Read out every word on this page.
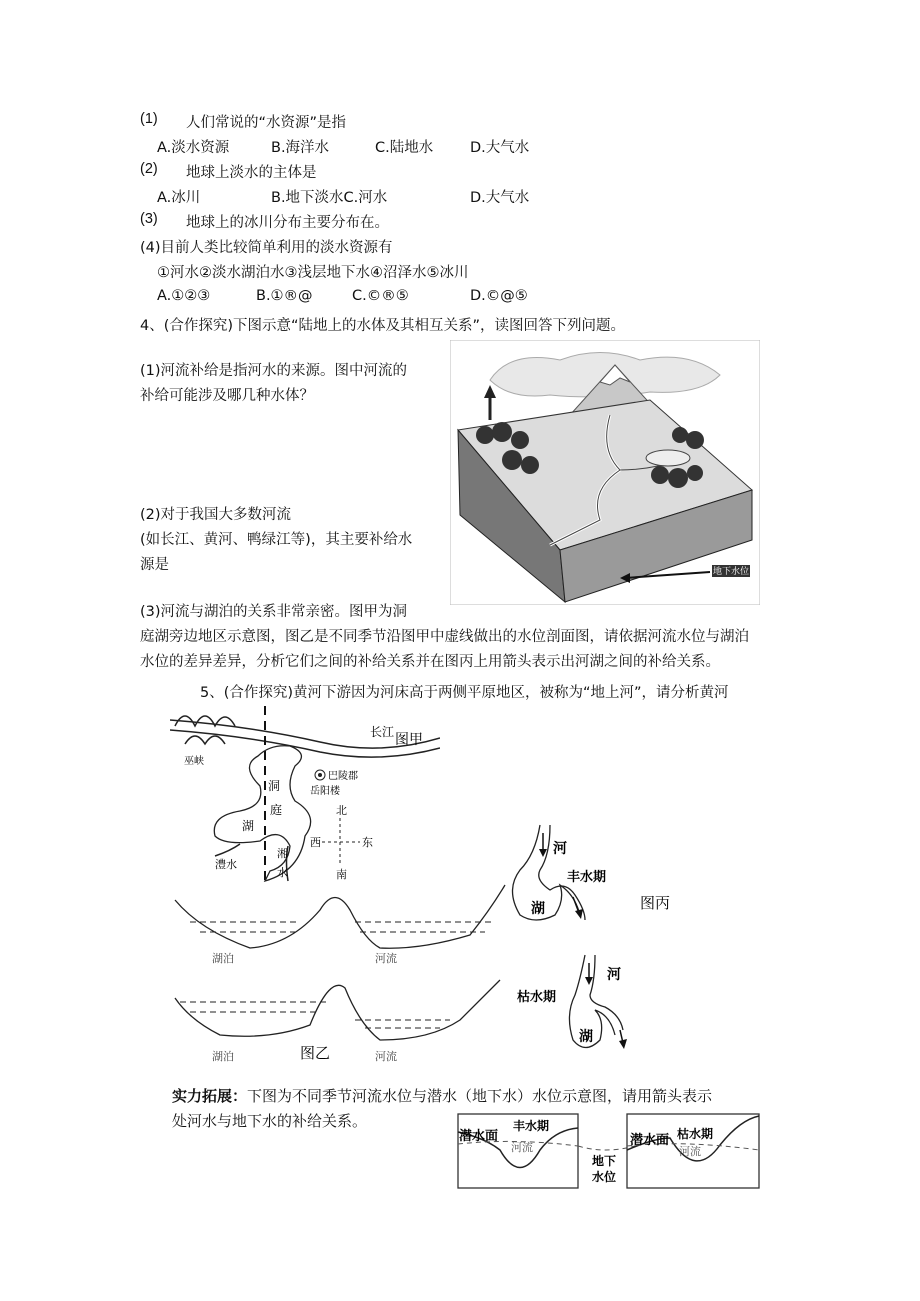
(1) 人们常说的“水资源”是指
A.淡水资源	B.海洋水	C.陆地水	D.大气水
(2) 地球上淡水的主体是
A.冰川	B.地下淡水C.河水	D.大气水
(3) 地球上的冰川分布主要分布在。
(4)目前人类比较简单利用的淡水资源有
①河水②淡水湖泊水③浅层地下水④沼泽水⑤冰川
A.①②③	B.①®@	C.©®⑤	D.©@⑤
4、(合作探究)下图示意“陆地上的水体及其相互关系”，读图回答下列问题。
(1)河流补给是指河水的来源。图中河流的
补给可能涉及哪几种水体？
(2)对于我国大多数河流
(如长江、黄河、鸭绿江等)，其主要补给水
源是
(3)河流与湖泊的关系非常亲密。图甲为洞
庭湖旁边地区示意图，图乙是不同季节沿图甲中虚线做出的水位剖面图，请依据河流水位与湖泊
水位的差异差异，分析它们之间的补给关系并在图丙上用箭头表示出河湖之间的补给关系。
地下水位
5、(合作探究)黄河下游因为河床高于两侧平原地区，被称为“地上河”，请分析黄河
长江 图甲
巫峡
洞
庭
湖
巴陵郡
岳阳楼
北
南
西	东
澧水
湘
水
湖泊	河流
湖泊	图乙	河流
河
丰水期
湖	图丙
河
枯水期
湖
实力拓展：下图为不同季节河流水位与潜水（地下水）水位示意图，请用箭头表示
处河水与地下水的补给关系。
潜水面
丰水期
河流
地下
水位
潜水面 枯水期
河流
